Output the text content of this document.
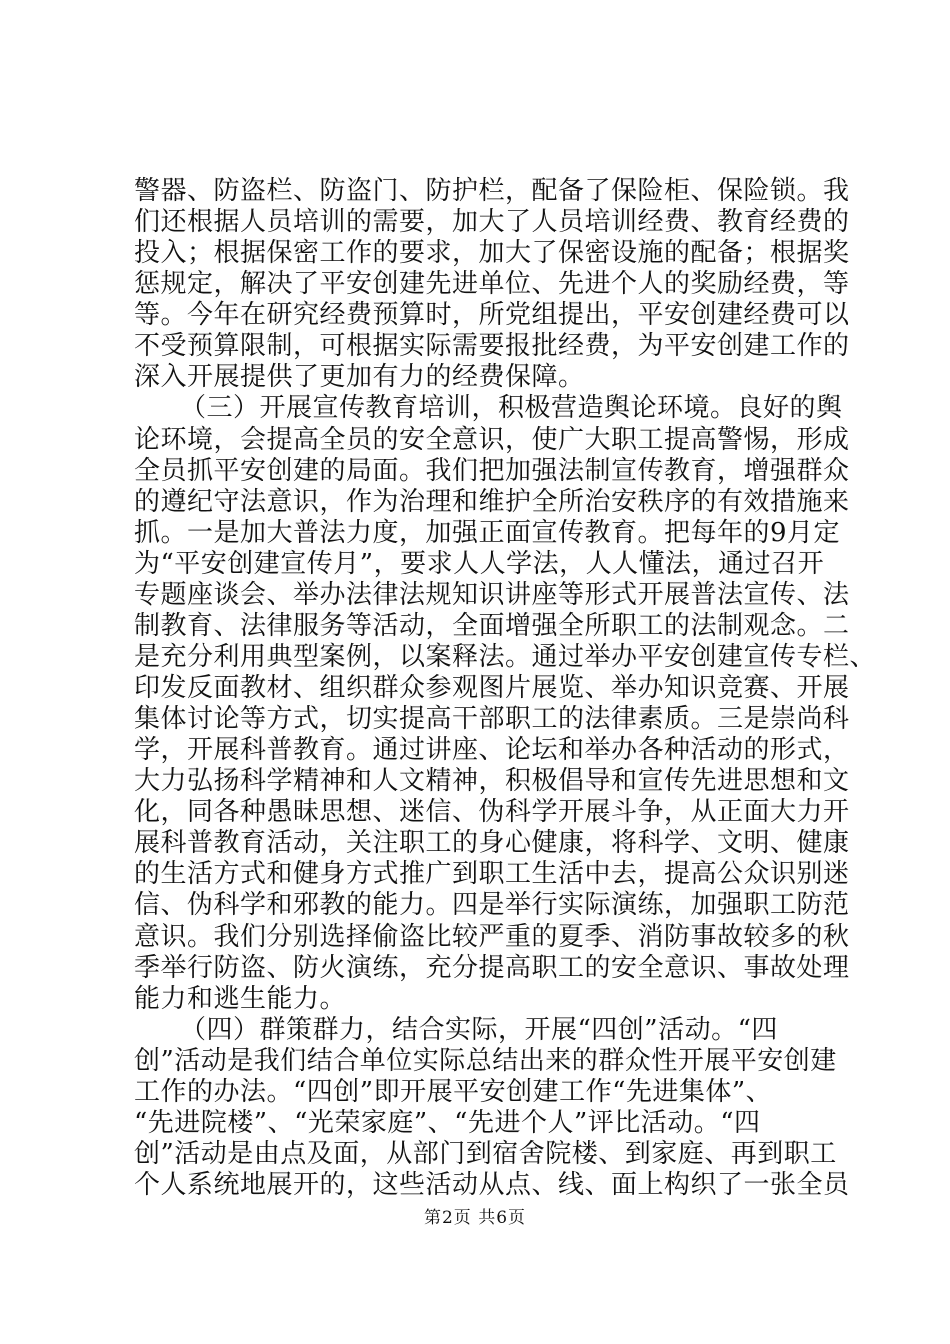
警器、防盗栏、防盗门、防护栏，配备了保险柜、保险锁。我
们还根据人员培训的需要，加大了人员培训经费、教育经费的
投入；根据保密工作的要求，加大了保密设施的配备；根据奖
惩规定，解决了平安创建先进单位、先进个人的奖励经费，等
等。今年在研究经费预算时，所党组提出，平安创建经费可以
不受预算限制，可根据实际需要报批经费，为平安创建工作的
深入开展提供了更加有力的经费保障。
（三）开展宣传教育培训，积极营造舆论环境。良好的舆
论环境，会提高全员的安全意识，使广大职工提高警惕，形成
全员抓平安创建的局面。我们把加强法制宣传教育，增强群众
的遵纪守法意识，作为治理和维护全所治安秩序的有效措施来
抓。一是加大普法力度，加强正面宣传教育。把每年的9月定
为“平安创建宣传月”，要求人人学法，人人懂法，通过召开
专题座谈会、举办法律法规知识讲座等形式开展普法宣传、法
制教育、法律服务等活动，全面增强全所职工的法制观念。二
是充分利用典型案例，以案释法。通过举办平安创建宣传专栏、
印发反面教材、组织群众参观图片展览、举办知识竞赛、开展
集体讨论等方式，切实提高干部职工的法律素质。三是崇尚科
学，开展科普教育。通过讲座、论坛和举办各种活动的形式，
大力弘扬科学精神和人文精神，积极倡导和宣传先进思想和文
化，同各种愚昧思想、迷信、伪科学开展斗争，从正面大力开
展科普教育活动，关注职工的身心健康，将科学、文明、健康
的生活方式和健身方式推广到职工生活中去，提高公众识别迷
信、伪科学和邪教的能力。四是举行实际演练，加强职工防范
意识。我们分别选择偷盗比较严重的夏季、消防事故较多的秋
季举行防盗、防火演练，充分提高职工的安全意识、事故处理
能力和逃生能力。
（四）群策群力，结合实际，开展“四创”活动。“四
创”活动是我们结合单位实际总结出来的群众性开展平安创建
工作的办法。“四创”即开展平安创建工作“先进集体”、
“先进院楼”、“光荣家庭”、“先进个人”评比活动。“四
创”活动是由点及面，从部门到宿舍院楼、到家庭、再到职工
个人系统地展开的，这些活动从点、线、面上构织了一张全员
第2页 共6页
